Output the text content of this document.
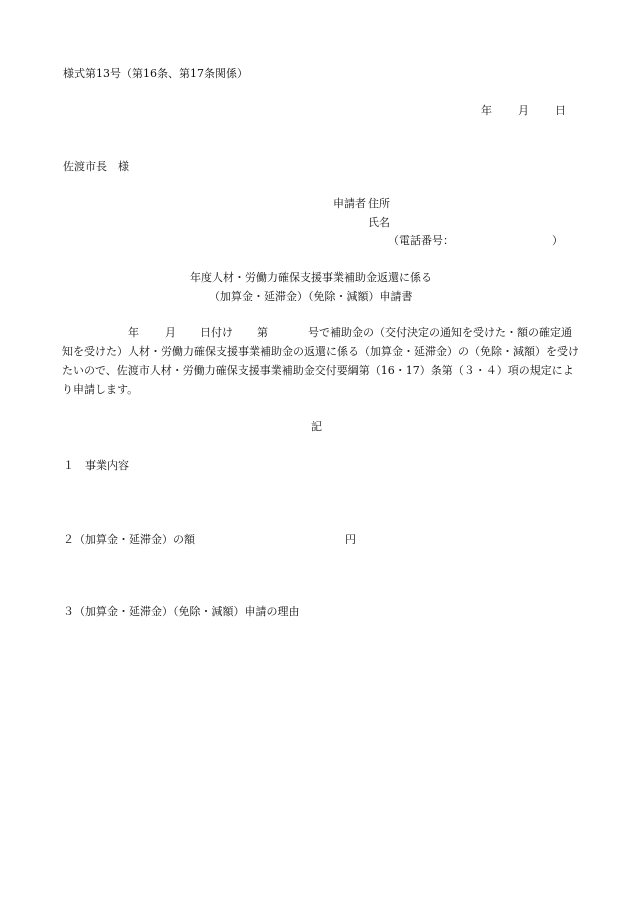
様式第13号（第16条、第17条関係）
年 月 日
佐渡市長　様
申請者 住所
氏名
（電話番号：	）
年度人材・労働力確保支援事業補助金返還に係る
（加算金・延滞金）（免除・減額）申請書
年 月 日付け 第	号で補助金の（交付決定の通知を受けた・額の確定通知を受けた）人材・労働力確保支援事業補助金の返還に係る（加算金・延滞金）の（免除・減額）を受けたいので、佐渡市人材・労働力確保支援事業補助金交付要綱第（16・17）条第（３・４）項の規定により申請します。
記
１　事業内容
２（加算金・延滞金）の額	円
３（加算金・延滞金）（免除・減額）申請の理由
